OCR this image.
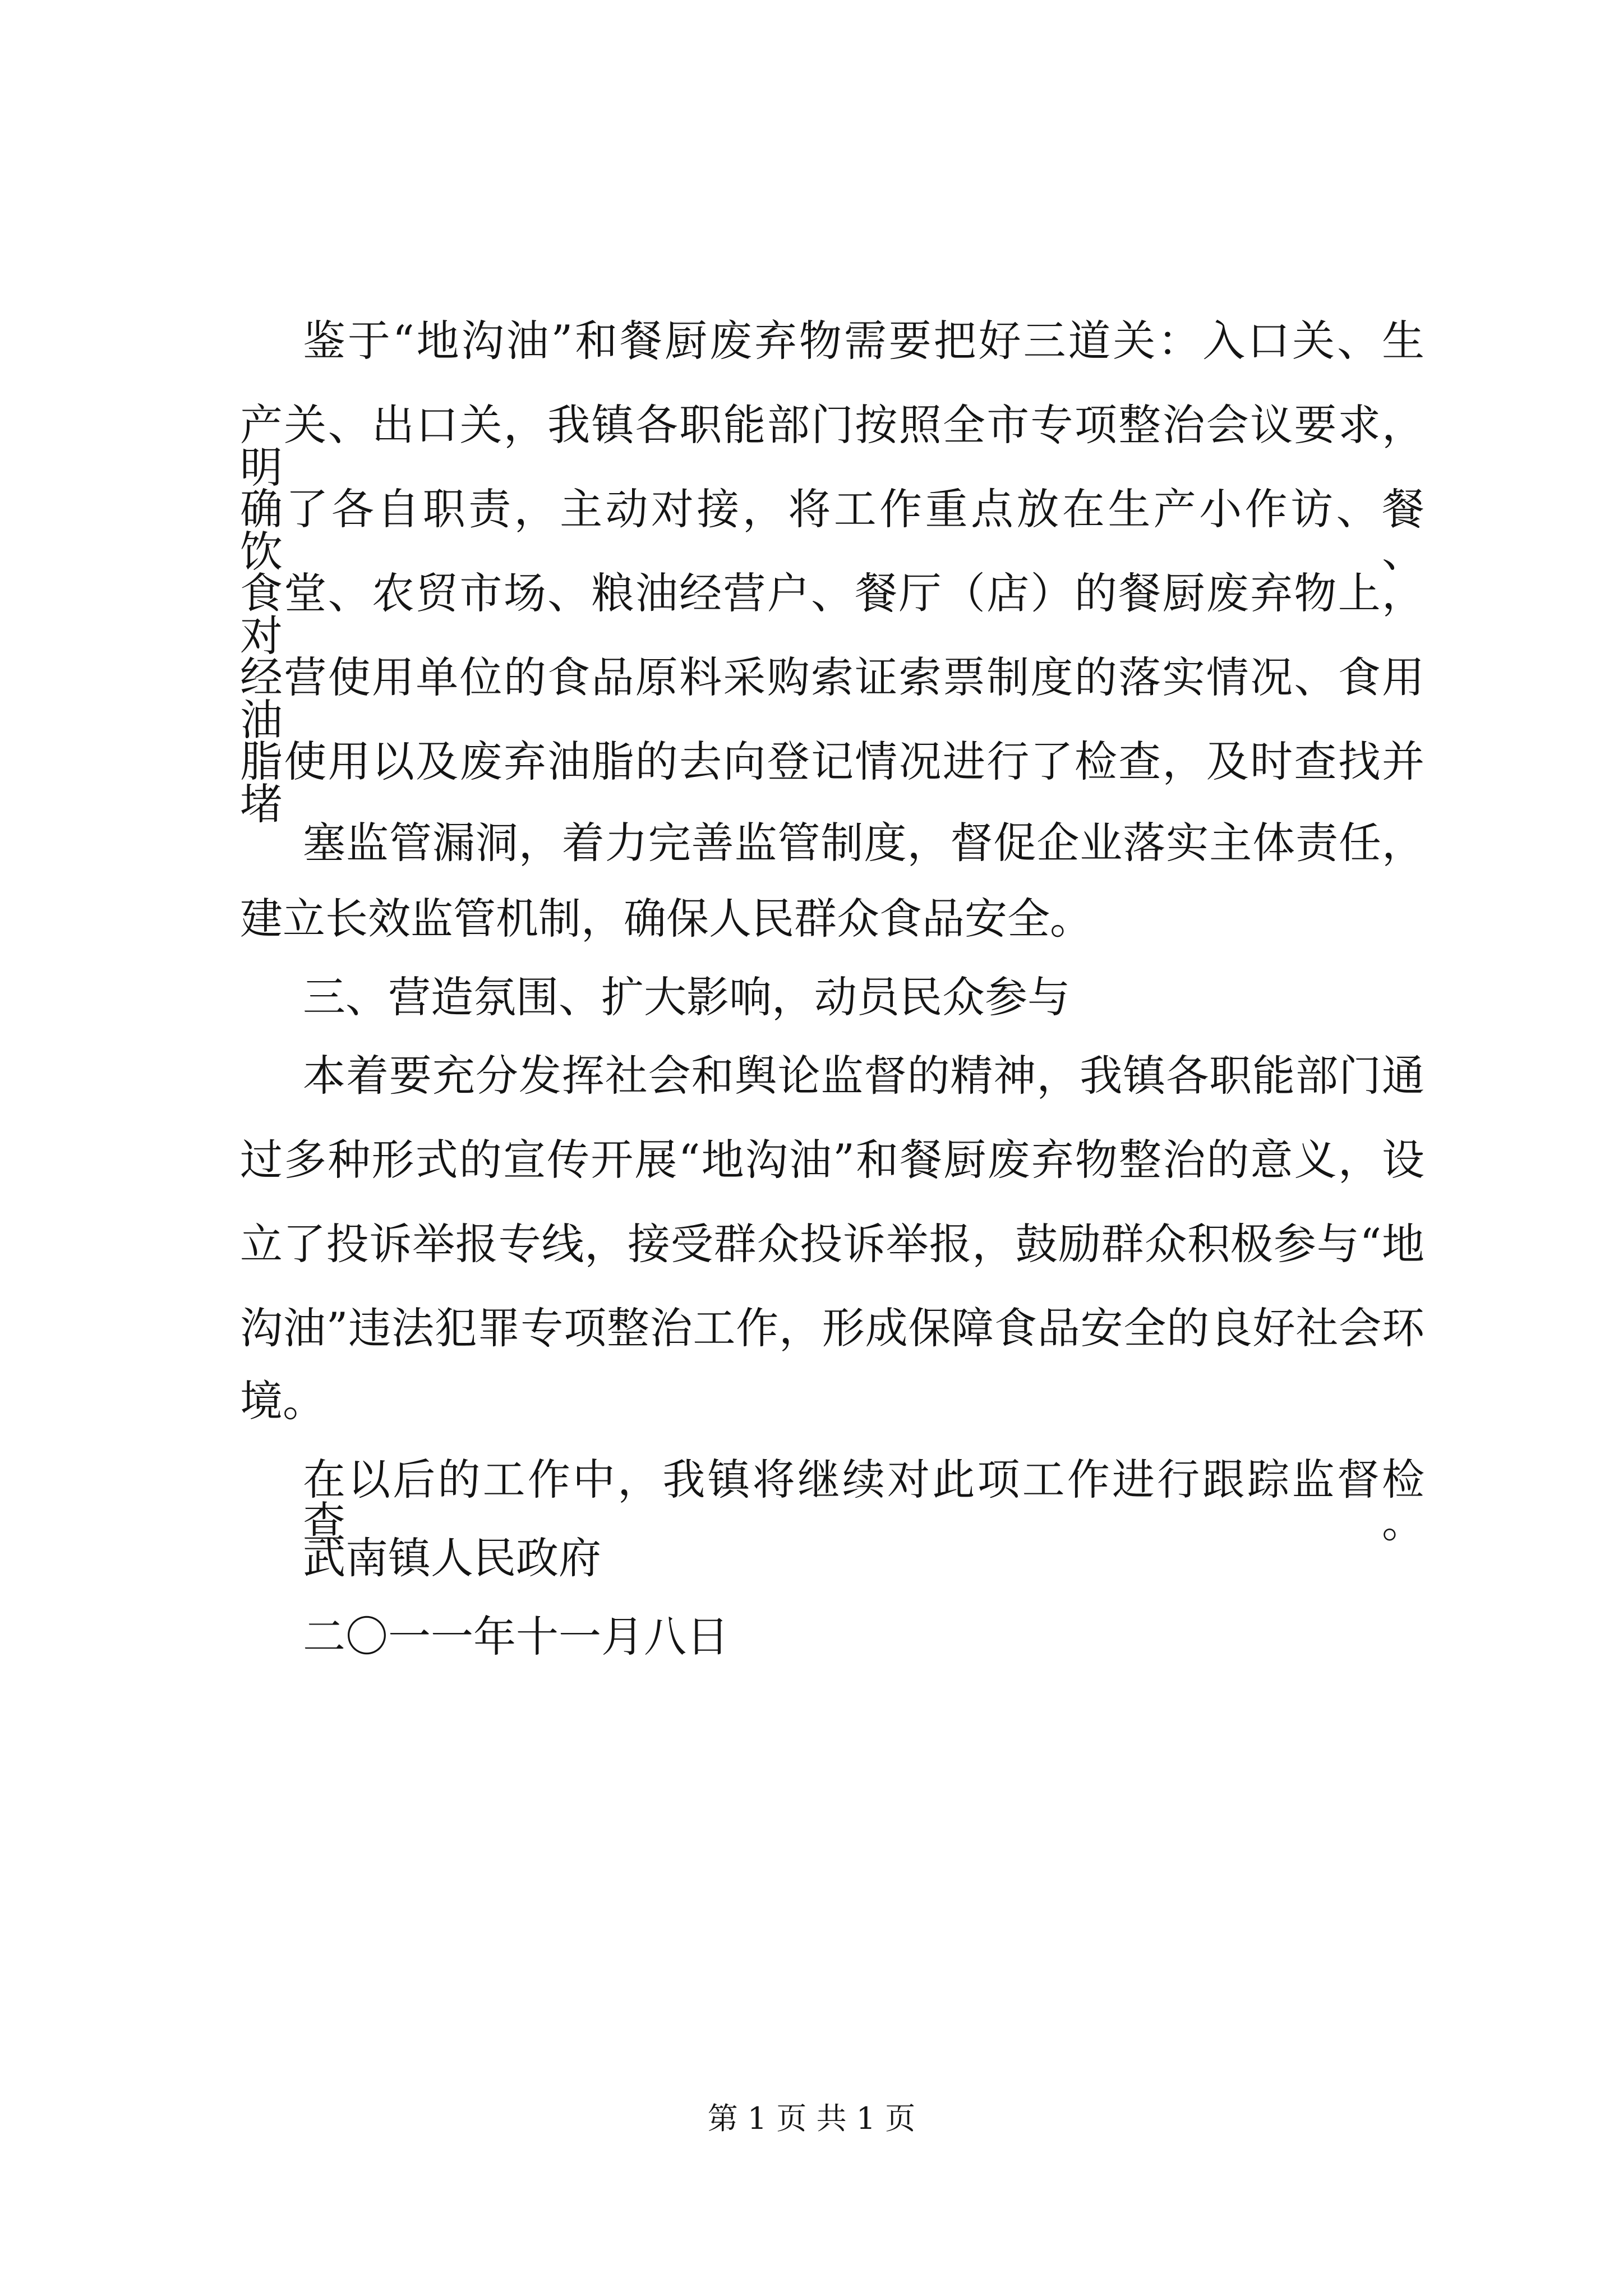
鉴于“地沟油”和餐厨废弃物需要把好三道关：入口关、生
产关、出口关，我镇各职能部门按照全市专项整治会议要求，明
确了各自职责，主动对接，将工作重点放在生产小作访、餐饮、
食堂、农贸市场、粮油经营户、餐厅（店）的餐厨废弃物上，对
经营使用单位的食品原料采购索证索票制度的落实情况、食用油
脂使用以及废弃油脂的去向登记情况进行了检查，及时查找并堵
塞监管漏洞，着力完善监管制度，督促企业落实主体责任，
建立长效监管机制，确保人民群众食品安全。
三、营造氛围、扩大影响，动员民众参与
本着要充分发挥社会和舆论监督的精神，我镇各职能部门通
过多种形式的宣传开展“地沟油”和餐厨废弃物整治的意义，设
立了投诉举报专线，接受群众投诉举报，鼓励群众积极参与“地
沟油”违法犯罪专项整治工作，形成保障食品安全的良好社会环
境。
在以后的工作中，我镇将继续对此项工作进行跟踪监督检查。
武南镇人民政府
二〇一一年十一月八日
第 1 页 共 1 页
